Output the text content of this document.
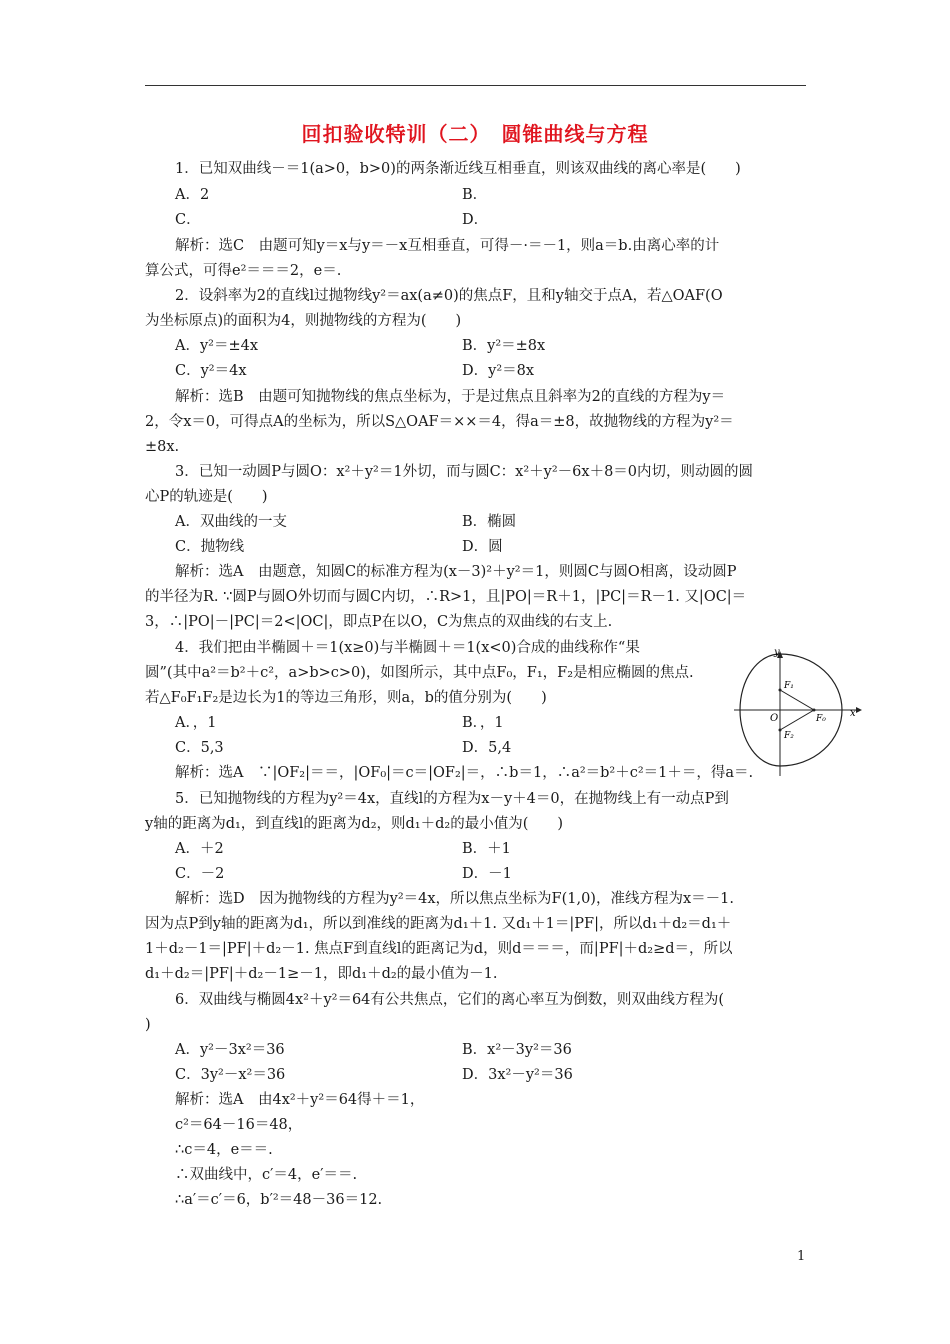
回扣验收特训（二）　圆锥曲线与方程
1．已知双曲线－＝1(a>0，b>0)的两条渐近线互相垂直，则该双曲线的离心率是(　　)
A．2	B．
C．	D．
解析：选C　由题可知y＝x与y＝－x互相垂直，可得－·＝－1，则a＝b.由离心率的计
算公式，可得e²＝＝＝2，e＝.
2．设斜率为2的直线l过抛物线y²＝ax(a≠0)的焦点F，且和y轴交于点A，若△OAF(O
为坐标原点)的面积为4，则抛物线的方程为(　　)
A．y²＝±4x	B．y²＝±8x
C．y²＝4x	D．y²＝8x
解析：选B　由题可知抛物线的焦点坐标为，于是过焦点且斜率为2的直线的方程为y＝
2，令x＝0，可得点A的坐标为，所以S△OAF＝××＝4，得a＝±8，故抛物线的方程为y²＝
±8x.
3．已知一动圆P与圆O：x²＋y²＝1外切，而与圆C：x²＋y²－6x＋8＝0内切，则动圆的圆
心P的轨迹是(　　)
A．双曲线的一支	B．椭圆
C．抛物线	D．圆
解析：选A　由题意，知圆C的标准方程为(x－3)²＋y²＝1，则圆C与圆O相离，设动圆P
的半径为R. ∵圆P与圆O外切而与圆C内切，∴R>1，且|PO|＝R＋1，|PC|＝R－1. 又|OC|＝
3，∴|PO|－|PC|＝2<|OC|，即点P在以O，C为焦点的双曲线的右支上.
4．我们把由半椭圆＋＝1(x≥0)与半椭圆＋＝1(x<0)合成的曲线称作“果
圆”(其中a²＝b²＋c²，a>b>c>0)，如图所示，其中点F₀，F₁，F₂是相应椭圆的焦点.
若△F₀F₁F₂是边长为1的等边三角形，则a，b的值分别为(　　)
A．，1	B．，1
C．5,3	D．5,4
解析：选A　∵|OF₂|＝＝，|OF₀|＝c＝|OF₂|＝，∴b＝1，∴a²＝b²＋c²＝1＋＝，得a＝.
5．已知抛物线的方程为y²＝4x，直线l的方程为x－y＋4＝0，在抛物线上有一动点P到
y轴的距离为d₁，到直线l的距离为d₂，则d₁＋d₂的最小值为(　　)
A．＋2	B．＋1
C．－2	D．－1
解析：选D　因为抛物线的方程为y²＝4x，所以焦点坐标为F(1,0)，准线方程为x＝－1.
因为点P到y轴的距离为d₁，所以到准线的距离为d₁＋1. 又d₁＋1＝|PF|，所以d₁＋d₂＝d₁＋
1＋d₂－1＝|PF|＋d₂－1. 焦点F到直线l的距离记为d，则d＝＝＝，而|PF|＋d₂≥d＝，所以
d₁＋d₂＝|PF|＋d₂－1≥－1，即d₁＋d₂的最小值为－1.
6．双曲线与椭圆4x²＋y²＝64有公共焦点，它们的离心率互为倒数，则双曲线方程为(
)
A．y²－3x²＝36	B．x²－3y²＝36
C．3y²－x²＝36	D．3x²－y²＝36
解析：选A　由4x²＋y²＝64得＋＝1，
c²＝64－16＝48，
∴c＝4，e＝＝.
∴双曲线中，c′＝4，e′＝＝.
∴a′＝c′＝6，b′²＝48－36＝12.
y
x
O	F₀
F₁
F₂
1
